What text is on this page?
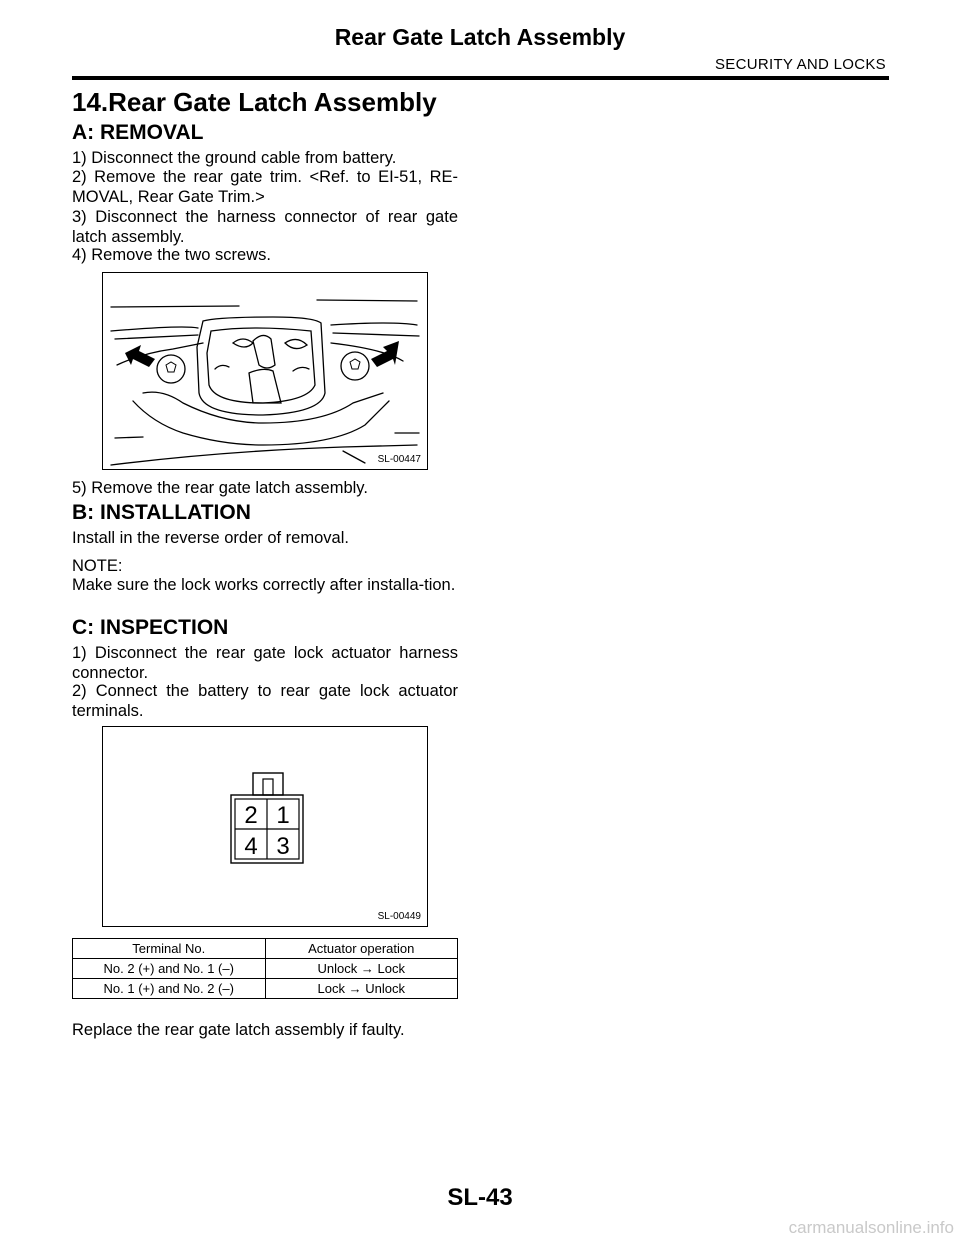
Rear Gate Latch Assembly
SECURITY AND LOCKS
14.Rear Gate Latch Assembly
A: REMOVAL
1) Disconnect the ground cable from battery.
2) Remove the rear gate trim. <Ref. to EI-51, RE-MOVAL, Rear Gate Trim.>
3) Disconnect the harness connector of rear gate latch assembly.
4) Remove the two screws.
SL-00447
5) Remove the rear gate latch assembly.
B: INSTALLATION
Install in the reverse order of removal.
NOTE:
Make sure the lock works correctly after installa-tion.
C: INSPECTION
1) Disconnect the rear gate lock actuator harness connector.
2) Connect the battery to rear gate lock actuator terminals.
2 1
4 3
SL-00449
Terminal No.	Actuator operation
No. 2 (+) and No. 1 (–)	Unlock → Lock
No. 1 (+) and No. 2 (–)	Lock → Unlock
Replace the rear gate latch assembly if faulty.
SL-43
carmanualsonline.info
